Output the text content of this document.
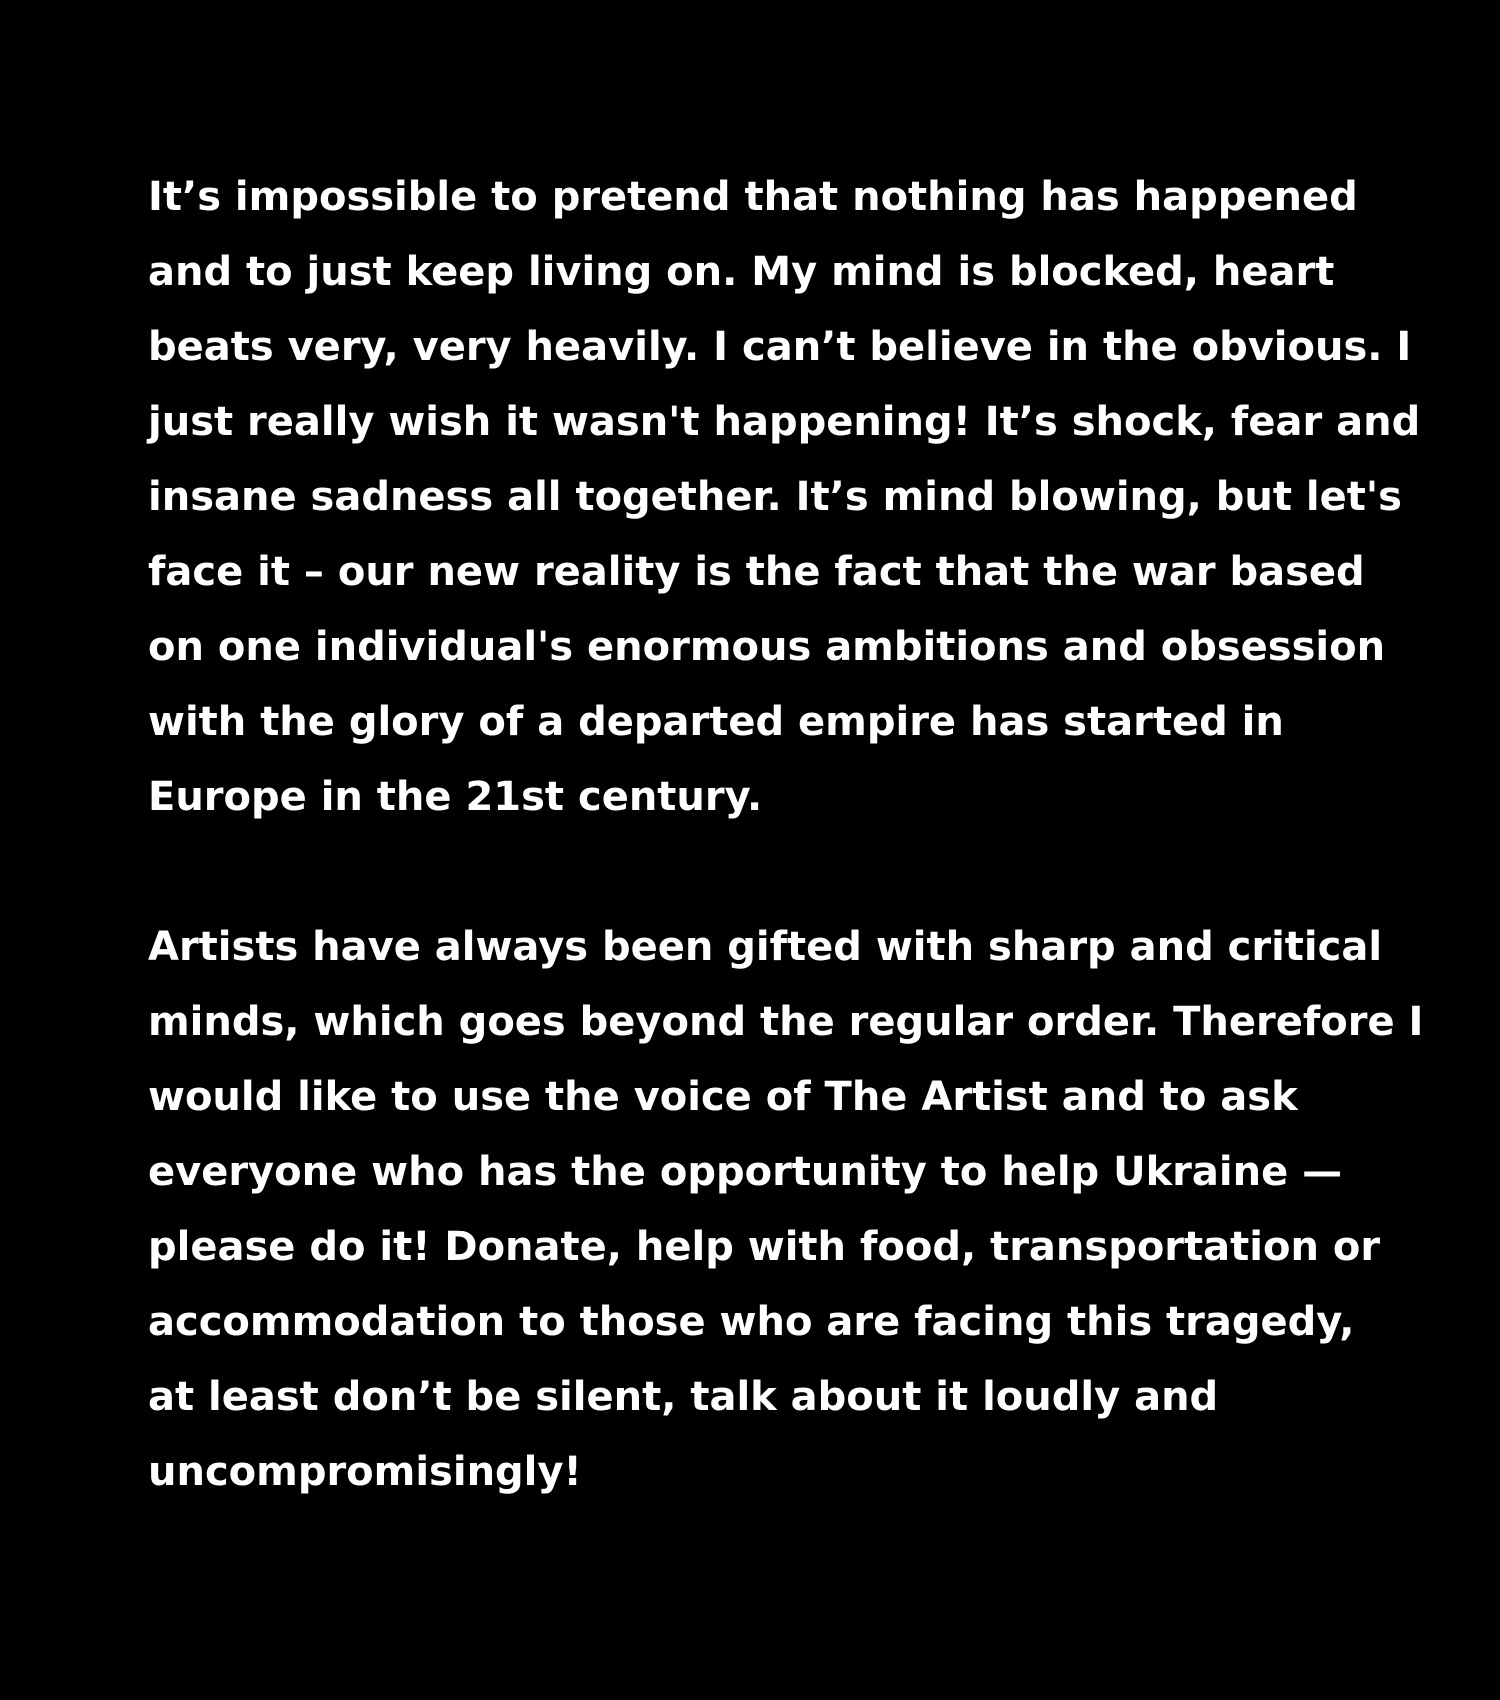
It’s impossible to pretend that nothing has happened
and to just keep living on. My mind is blocked, heart
beats very, very heavily. I can’t believe in the obvious. I
just really wish it wasn't happening! It’s shock, fear and
insane sadness all together. It’s mind blowing, but let's
face it – our new reality is the fact that the war based
on one individual's enormous ambitions and obsession
with the glory of a departed empire has started in
Europe in the 21st century.
Artists have always been gifted with sharp and critical
minds, which goes beyond the regular order. Therefore I
would like to use the voice of The Artist and to ask
everyone who has the opportunity to help Ukraine —
please do it! Donate, help with food, transportation or
accommodation to those who are facing this tragedy,
at least don’t be silent, talk about it loudly and
uncompromisingly!
